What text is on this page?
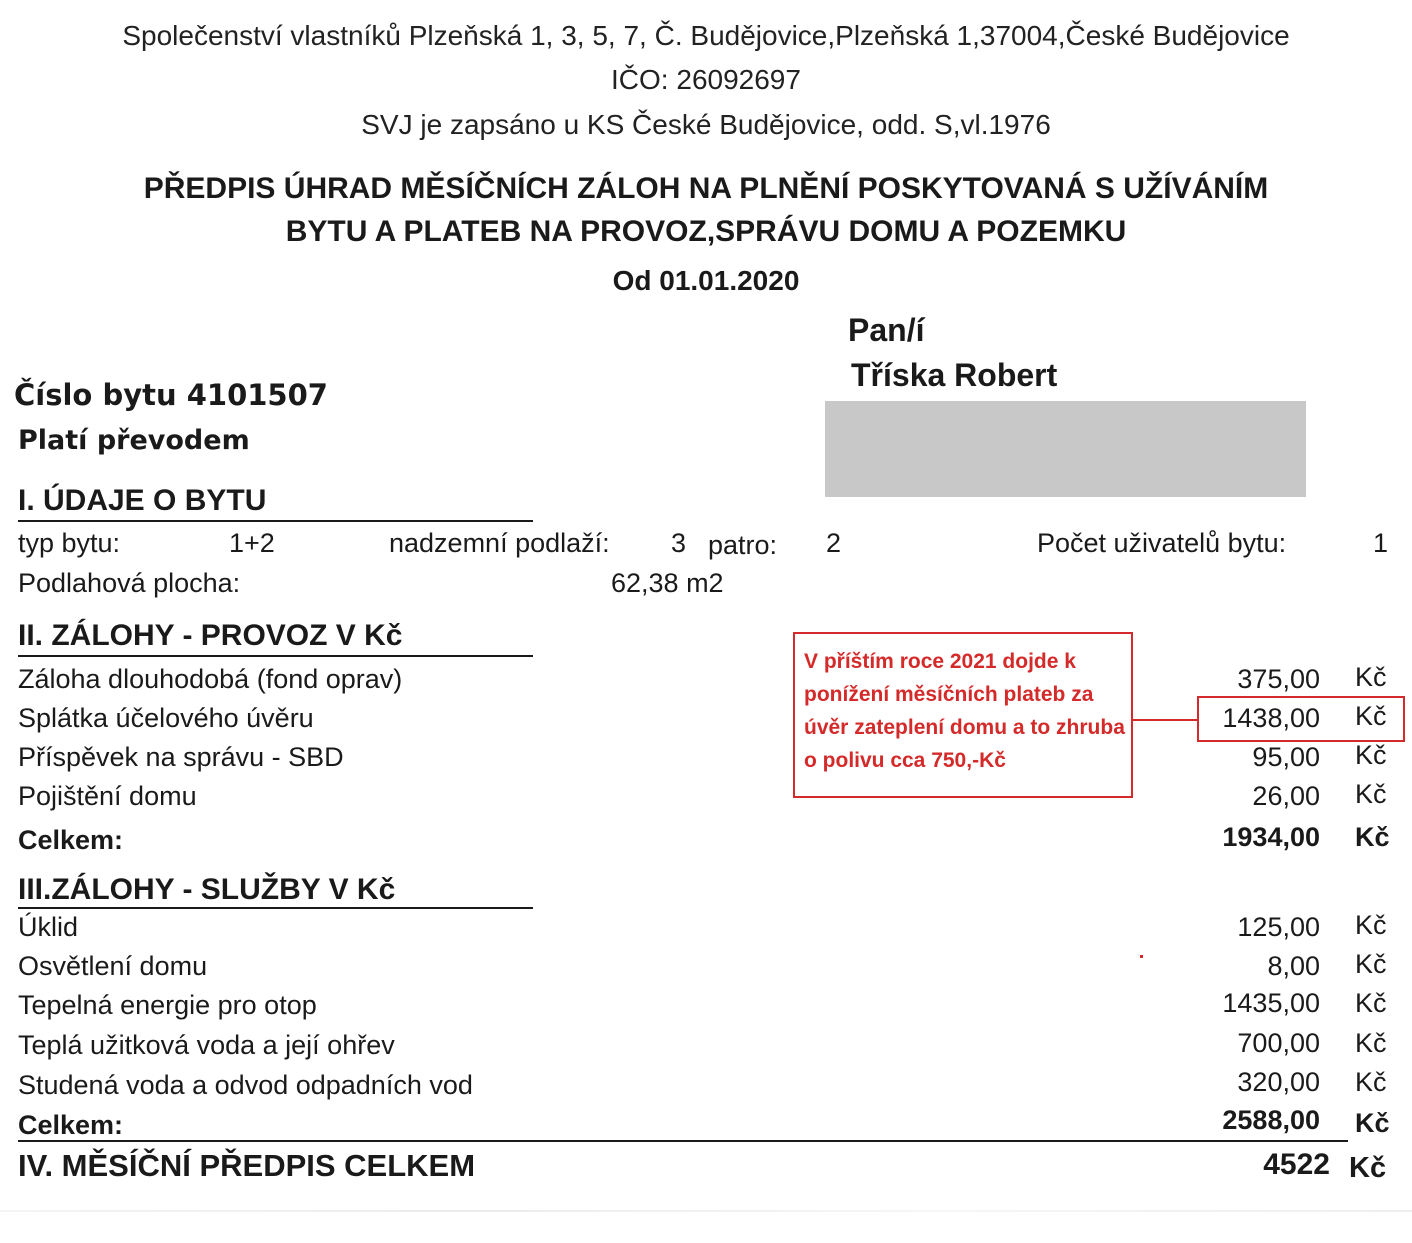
Společenství vlastníků Plzeňská 1, 3, 5, 7, Č. Budějovice,Plzeňská 1,37004,České Budějovice
IČO: 26092697
SVJ je zapsáno u KS České Budějovice, odd. S,vl.1976
PŘEDPIS ÚHRAD MĚSÍČNÍCH ZÁLOH NA PLNĚNÍ POSKYTOVANÁ S UŽÍVÁNÍM
BYTU A PLATEB NA PROVOZ,SPRÁVU DOMU A POZEMKU
Od 01.01.2020
Pan/í
Tříska Robert
Číslo bytu 4101507
Platí převodem
I. ÚDAJE O BYTU
typ bytu:	1+2	nadzemní podlaží: 3 patro: 2	Počet uživatelů bytu:	1
Podlahová plocha:	62,38 m2
II. ZÁLOHY - PROVOZ V Kč
Záloha dlouhodobá (fond oprav)	375,00 Kč
Splátka účelového úvěru	1438,00 Kč
Příspěvek na správu - SBD	95,00 Kč
Pojištění domu	26,00 Kč
Celkem:	1934,00 Kč
III.ZÁLOHY - SLUŽBY V Kč
Úklid	125,00 Kč
Osvětlení domu	8,00 Kč
Tepelná energie pro otop	1435,00 Kč
Teplá užitková voda a její ohřev	700,00 Kč
Studená voda a odvod odpadních vod	320,00 Kč
Celkem:	2588,00 Kč
IV. MĚSÍČNÍ PŘEDPIS CELKEM	4522 Kč
V příštím roce 2021 dojde k ponížení měsíčních plateb za úvěr zateplení domu a to zhruba o polivu cca 750,-Kč
